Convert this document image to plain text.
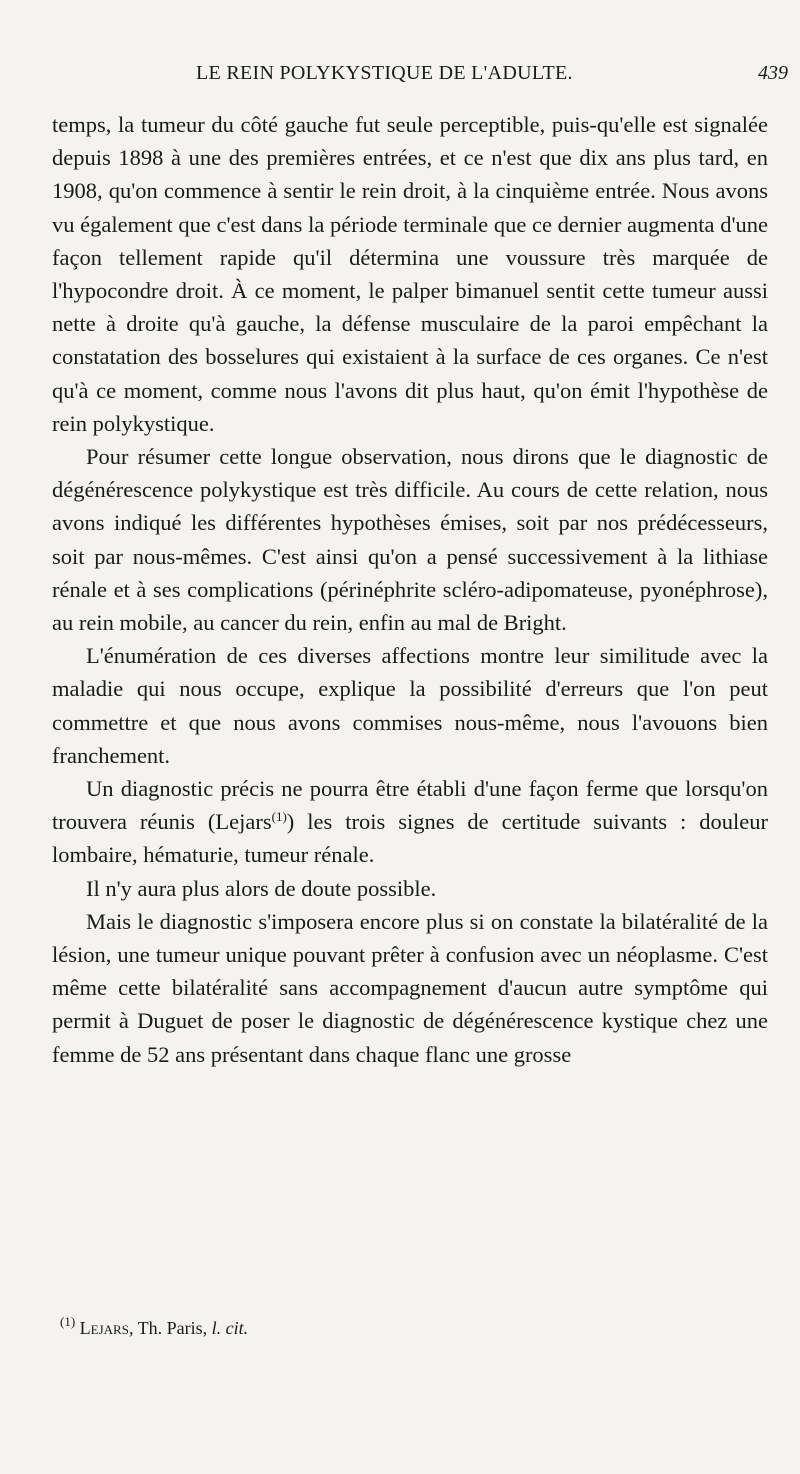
LE REIN POLYKYSTIQUE DE L'ADULTE.	439

temps, la tumeur du côté gauche fut seule perceptible, puis-qu'elle est signalée depuis 1898 à une des premières entrées, et ce n'est que dix ans plus tard, en 1908, qu'on commence à sentir le rein droit, à la cinquième entrée. Nous avons vu également que c'est dans la période terminale que ce dernier augmenta d'une façon tellement rapide qu'il détermina une voussure très marquée de l'hypocondre droit. À ce moment, le palper bimanuel sentit cette tumeur aussi nette à droite qu'à gauche, la défense musculaire de la paroi empêchant la constatation des bosselures qui existaient à la surface de ces organes. Ce n'est qu'à ce moment, comme nous l'avons dit plus haut, qu'on émit l'hypothèse de rein polykystique.

Pour résumer cette longue observation, nous dirons que le diagnostic de dégénérescence polykystique est très difficile. Au cours de cette relation, nous avons indiqué les différentes hypothèses émises, soit par nos prédécesseurs, soit par nous-mêmes. C'est ainsi qu'on a pensé successivement à la lithiase rénale et à ses complications (périnéphrite scléro-adipomateuse, pyonéphrose), au rein mobile, au cancer du rein, enfin au mal de Bright.

L'énumération de ces diverses affections montre leur similitude avec la maladie qui nous occupe, explique la possibilité d'erreurs que l'on peut commettre et que nous avons commises nous-même, nous l'avouons bien franchement.

Un diagnostic précis ne pourra être établi d'une façon ferme que lorsqu'on trouvera réunis (Lejars$^{(1)}$) les trois signes de certitude suivants : douleur lombaire, hématurie, tumeur rénale.

Il n'y aura plus alors de doute possible.

Mais le diagnostic s'imposera encore plus si on constate la bilatéralité de la lésion, une tumeur unique pouvant prêter à confusion avec un néoplasme. C'est même cette bilatéralité sans accompagnement d'aucun autre symptôme qui permit à Duguet de poser le diagnostic de dégénérescence kystique chez une femme de 52 ans présentant dans chaque flanc une grosse

$^{(1)}$ Lejars, Th. Paris, l. cit.
